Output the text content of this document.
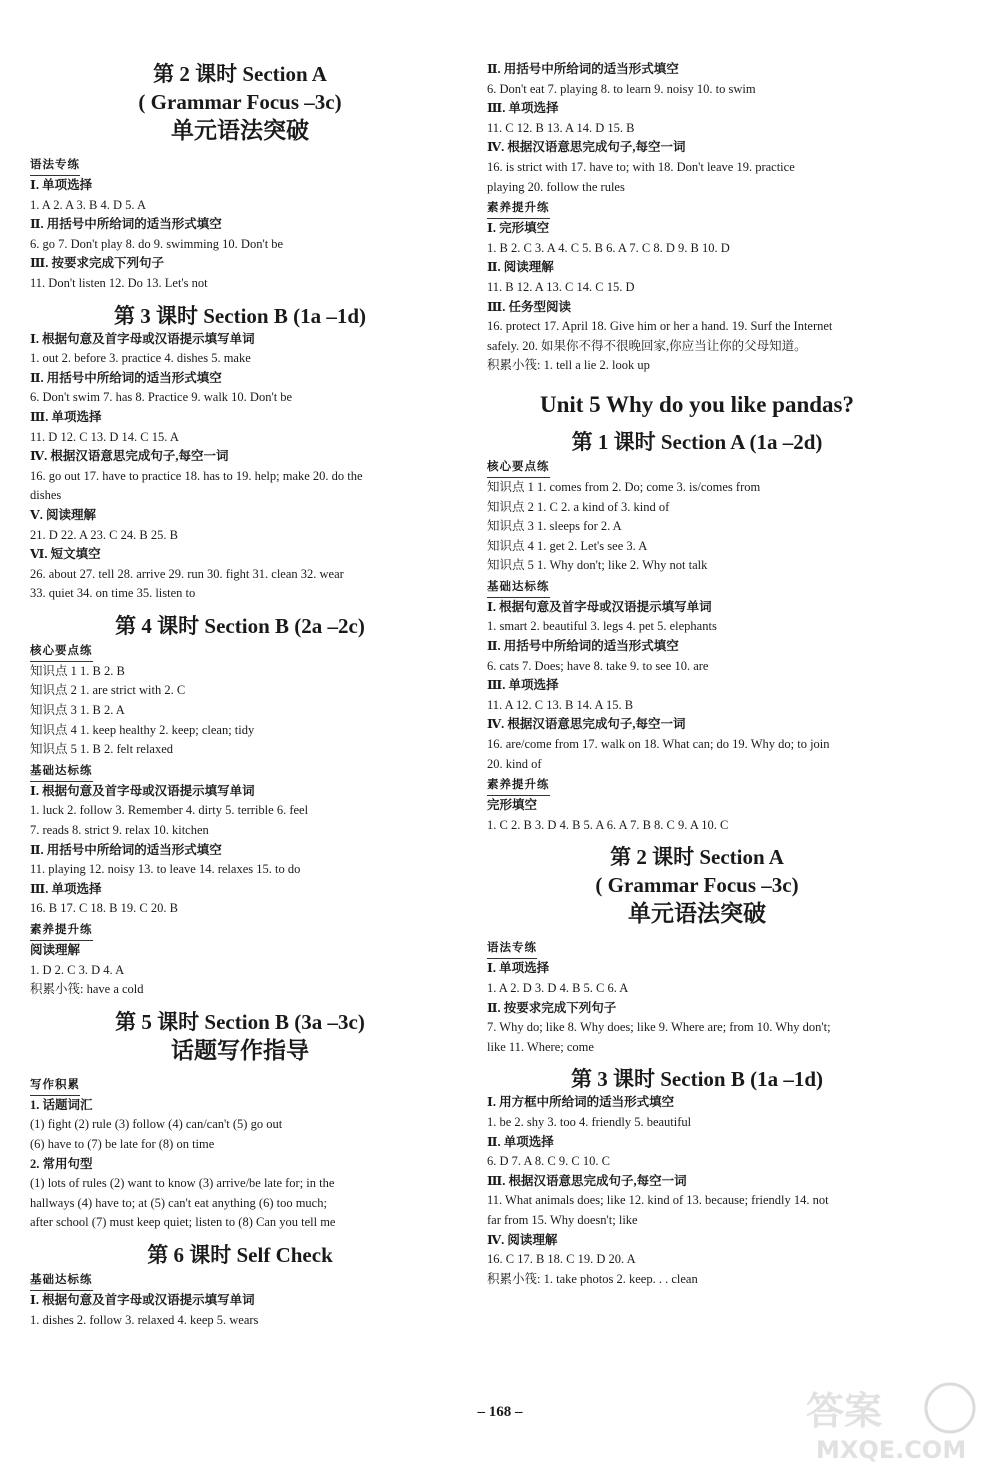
第 2 课时 Section A
( Grammar Focus –3c)
单元语法突破
语法专练
Ⅰ. 单项选择
1. A 2. A 3. B 4. D 5. A
Ⅱ. 用括号中所给词的适当形式填空
6. go 7. Don't play 8. do 9. swimming 10. Don't be
Ⅲ. 按要求完成下列句子
11. Don't listen 12. Do 13. Let's not
第 3 课时 Section B (1a –1d)
Ⅰ. 根据句意及首字母或汉语提示填写单词
1. out 2. before 3. practice 4. dishes 5. make
Ⅱ. 用括号中所给词的适当形式填空
6. Don't swim 7. has 8. Practice 9. walk 10. Don't be
Ⅲ. 单项选择
11. D 12. C 13. D 14. C 15. A
Ⅳ. 根据汉语意思完成句子,每空一词
16. go out 17. have to practice 18. has to 19. help; make 20. do the
dishes
Ⅴ. 阅读理解
21. D 22. A 23. C 24. B 25. B
Ⅵ. 短文填空
26. about 27. tell 28. arrive 29. run 30. fight 31. clean 32. wear
33. quiet 34. on time 35. listen to
第 4 课时 Section B (2a –2c)
核心要点练
知识点 1 1. B 2. B
知识点 2 1. are strict with 2. C
知识点 3 1. B 2. A
知识点 4 1. keep healthy 2. keep; clean; tidy
知识点 5 1. B 2. felt relaxed
基础达标练
Ⅰ. 根据句意及首字母或汉语提示填写单词
1. luck 2. follow 3. Remember 4. dirty 5. terrible 6. feel
7. reads 8. strict 9. relax 10. kitchen
Ⅱ. 用括号中所给词的适当形式填空
11. playing 12. noisy 13. to leave 14. relaxes 15. to do
Ⅲ. 单项选择
16. B 17. C 18. B 19. C 20. B
素养提升练
阅读理解
1. D 2. C 3. D 4. A
积累小筏: have a cold
第 5 课时 Section B (3a –3c)
话题写作指导
写作积累
1. 话题词汇
(1) fight (2) rule (3) follow (4) can/can't (5) go out
(6) have to (7) be late for (8) on time
2. 常用句型
(1) lots of rules (2) want to know (3) arrive/be late for; in the
hallways (4) have to; at (5) can't eat anything (6) too much;
after school (7) must keep quiet; listen to (8) Can you tell me
第 6 课时 Self Check
基础达标练
Ⅰ. 根据句意及首字母或汉语提示填写单词
1. dishes 2. follow 3. relaxed 4. keep 5. wears
Ⅱ. 用括号中所给词的适当形式填空
6. Don't eat 7. playing 8. to learn 9. noisy 10. to swim
Ⅲ. 单项选择
11. C 12. B 13. A 14. D 15. B
Ⅳ. 根据汉语意思完成句子,每空一词
16. is strict with 17. have to; with 18. Don't leave 19. practice
playing 20. follow the rules
素养提升练
Ⅰ. 完形填空
1. B 2. C 3. A 4. C 5. B 6. A 7. C 8. D 9. B 10. D
Ⅱ. 阅读理解
11. B 12. A 13. C 14. C 15. D
Ⅲ. 任务型阅读
16. protect 17. April 18. Give him or her a hand. 19. Surf the Internet
safely. 20. 如果你不得不很晚回家,你应当让你的父母知道。
积累小筏: 1. tell a lie 2. look up
Unit 5 Why do you like pandas?
第 1 课时 Section A (1a –2d)
核心要点练
知识点 1 1. comes from 2. Do; come 3. is/comes from
知识点 2 1. C 2. a kind of 3. kind of
知识点 3 1. sleeps for 2. A
知识点 4 1. get 2. Let's see 3. A
知识点 5 1. Why don't; like 2. Why not talk
基础达标练
Ⅰ. 根据句意及首字母或汉语提示填写单词
1. smart 2. beautiful 3. legs 4. pet 5. elephants
Ⅱ. 用括号中所给词的适当形式填空
6. cats 7. Does; have 8. take 9. to see 10. are
Ⅲ. 单项选择
11. A 12. C 13. B 14. A 15. B
Ⅳ. 根据汉语意思完成句子,每空一词
16. are/come from 17. walk on 18. What can; do 19. Why do; to join
20. kind of
素养提升练
完形填空
1. C 2. B 3. D 4. B 5. A 6. A 7. B 8. C 9. A 10. C
第 2 课时 Section A
( Grammar Focus –3c)
单元语法突破
语法专练
Ⅰ. 单项选择
1. A 2. D 3. D 4. B 5. C 6. A
Ⅱ. 按要求完成下列句子
7. Why do; like 8. Why does; like 9. Where are; from 10. Why don't;
like 11. Where; come
第 3 课时 Section B (1a –1d)
Ⅰ. 用方框中所给词的适当形式填空
1. be 2. shy 3. too 4. friendly 5. beautiful
Ⅱ. 单项选择
6. D 7. A 8. C 9. C 10. C
Ⅲ. 根据汉语意思完成句子,每空一词
11. What animals does; like 12. kind of 13. because; friendly 14. not
far from 15. Why doesn't; like
Ⅳ. 阅读理解
16. C 17. B 18. C 19. D 20. A
积累小筏: 1. take photos 2. keep. . . clean
– 168 –	答案
MXQE.COM
